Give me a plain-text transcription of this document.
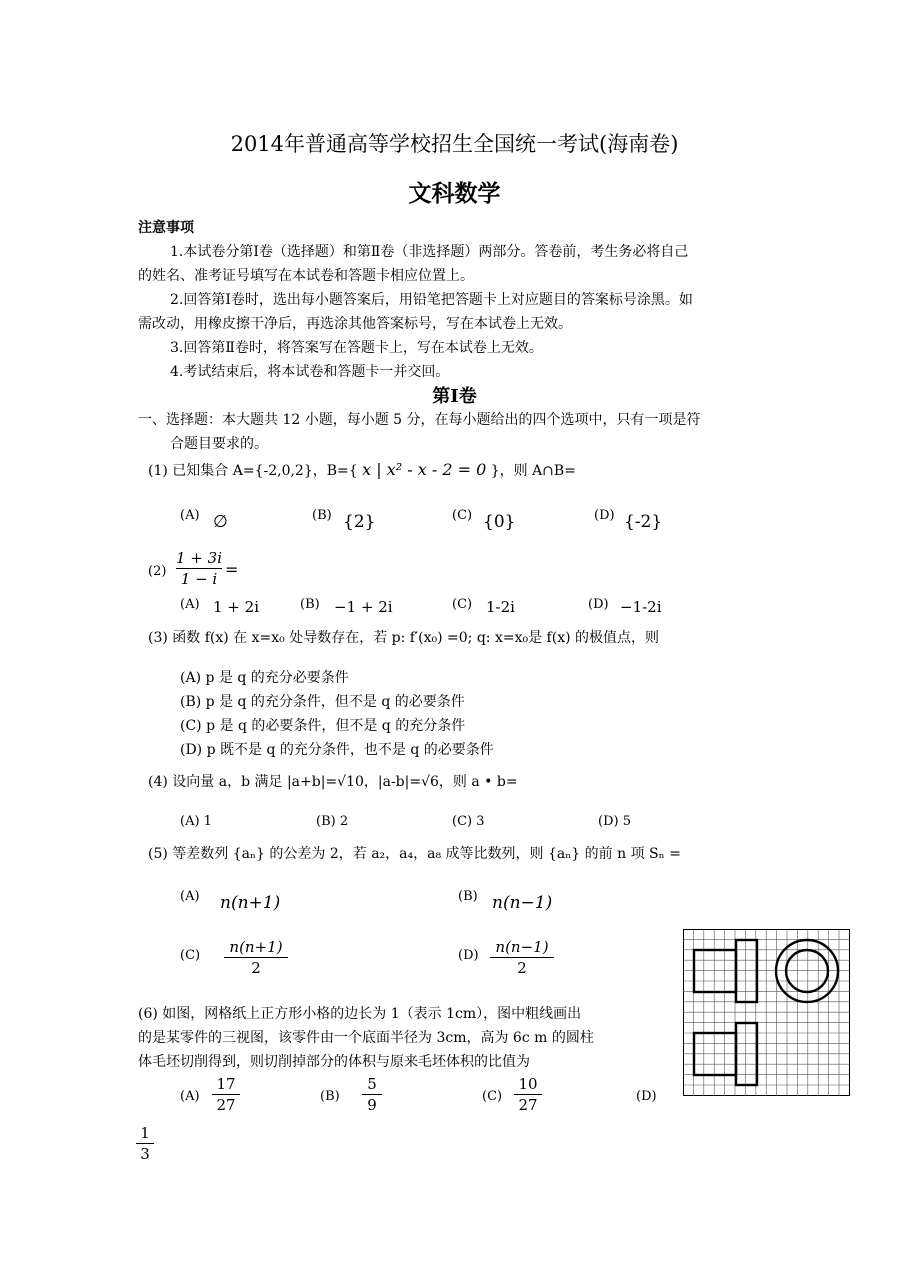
2014年普通高等学校招生全国统一考试(海南卷)
文科数学
注意事项
1.本试卷分第Ⅰ卷（选择题）和第Ⅱ卷（非选择题）两部分。答卷前，考生务必将自己
的姓名、准考证号填写在本试卷和答题卡相应位置上。
2.回答第Ⅰ卷时，选出每小题答案后，用铅笔把答题卡上对应题目的答案标号涂黑。如
需改动，用橡皮擦干净后，再选涂其他答案标号，写在本试卷上无效。
3.回答第Ⅱ卷时，将答案写在答题卡上，写在本试卷上无效。
4.考试结束后，将本试卷和答题卡一并交回。
第Ⅰ卷
一、选择题：本大题共 12 小题，每小题 5 分，在每小题给出的四个选项中，只有一项是符
合题目要求的。
(1) 已知集合 A={-2,0,2}，B={ x | x² - x - 2 = 0 }，则 A∩B=
(A) ∅	(B) {2}	(C) {0}	(D) {-2}
(2)
1 + 3i
1 − i =
(A) 1 + 2i	(B) −1 + 2i	(C) 1-2i	(D) −1-2i
(3) 函数 f(x) 在 x=x₀ 处导数存在，若 p: f′(x₀) =0; q: x=x₀是 f(x) 的极值点，则
(A) p 是 q 的充分必要条件
(B) p 是 q 的充分条件，但不是 q 的必要条件
(C) p 是 q 的必要条件，但不是 q 的充分条件
(D) p 既不是 q 的充分条件，也不是 q 的必要条件
(4) 设向量 a，b 满足 |a+b|=√10，|a-b|=√6，则 a • b=
(A) 1	(B) 2	(C) 3	(D) 5
(5) 等差数列 {aₙ} 的公差为 2，若 a₂，a₄，a₈ 成等比数列，则 {aₙ} 的前 n 项 Sₙ =
(A) n(n+1)	(B) n(n−1)
(C)	n(n+1)
2
(D)	n(n−1)
2
(6) 如图，网格纸上正方形小格的边长为 1（表示 1cm），图中粗线画出
的是某零件的三视图，该零件由一个底面半径为 3cm，高为 6c m 的圆柱
体毛坯切削得到，则切削掉部分的体积与原来毛坯体积的比值为
(A)
17
27	(B)
5
9	(C)
10
27	(D)
1
3
